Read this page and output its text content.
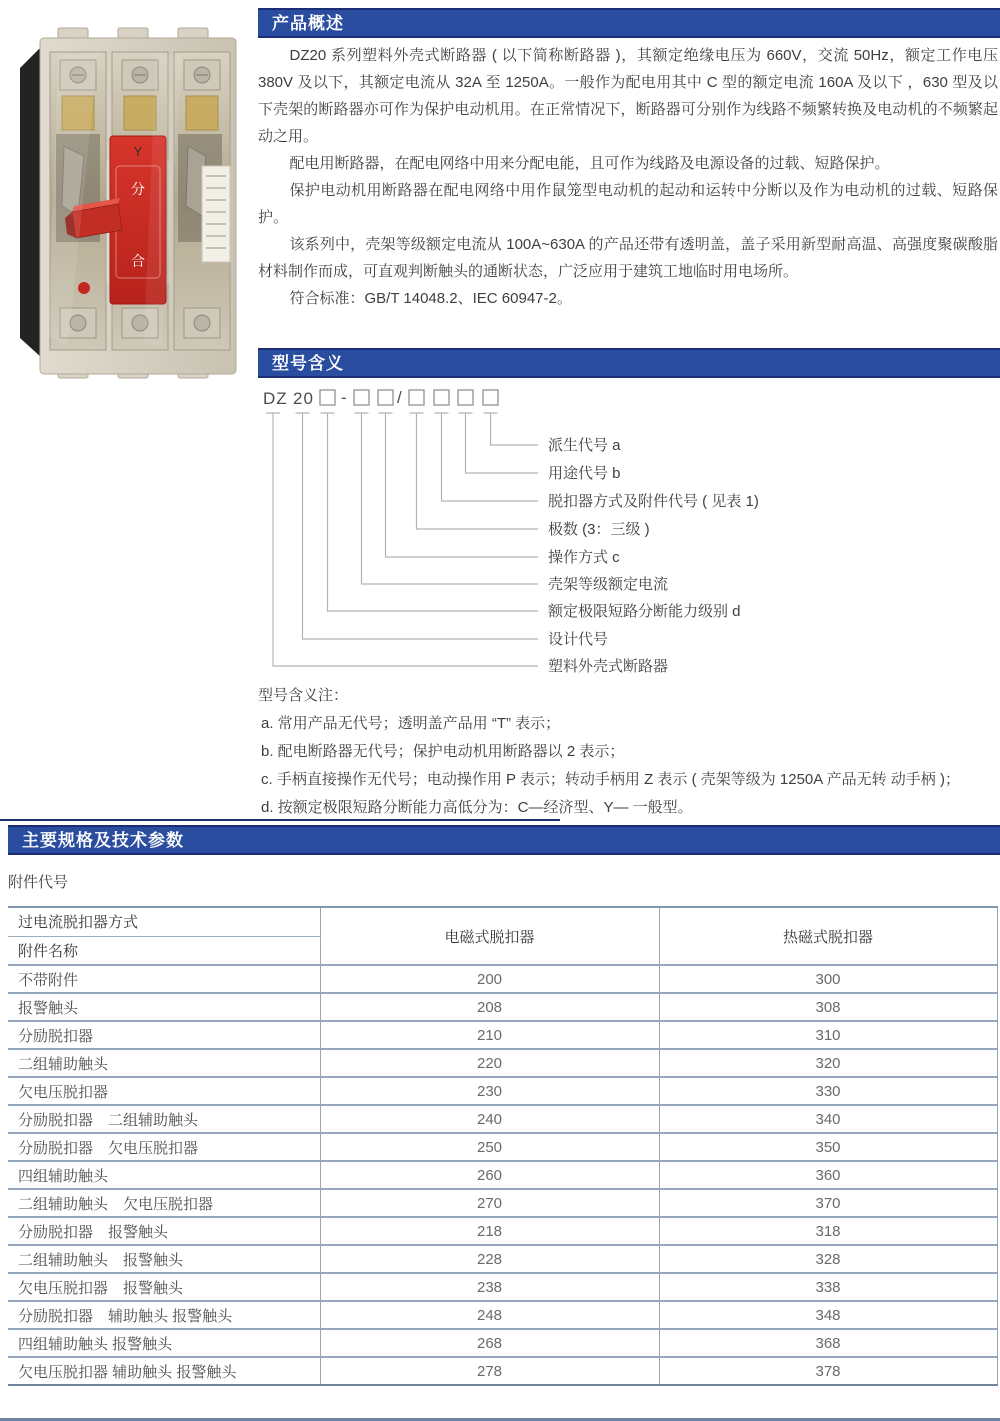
Y
分
合
产品概述

DZ20 系列塑料外壳式断路器 ( 以下简称断路器 )，其额定绝缘电压为 660V，交流 50Hz，额定工作电压 380V 及以下，其额定电流从 32A 至 1250A。一般作为配电用其中 C 型的额定电流 160A 及以下 ，630 型及以下壳架的断路器亦可作为保护电动机用。在正常情况下，断路器可分别作为线路不频繁转换及电动机的不频繁起动之用。

配电用断路器，在配电网络中用来分配电能，且可作为线路及电源设备的过载、短路保护。

保护电动机用断路器在配电网络中用作鼠笼型电动机的起动和运转中分断以及作为电动机的过载、短路保护。

该系列中，壳架等级额定电流从 100A~630A 的产品还带有透明盖，盖子采用新型耐高温、高强度聚碳酸脂材料制作而成，可直观判断触头的通断状态，广泛应用于建筑工地临时用电场所。

符合标准：GB/T 14048.2、IEC 60947-2。

型号含义
DZ 20 -	/
派生代号 a
用途代号 b
脱扣器方式及附件代号 ( 见表 1)
极数 (3：三级 )
操作方式 c
壳架等级额定电流
额定极限短路分断能力级别 d
设计代号
塑料外壳式断路器

型号含义注：

a. 常用产品无代号；透明盖产品用 “T” 表示；

b. 配电断路器无代号；保护电动机用断路器以 2 表示；

c. 手柄直接操作无代号；电动操作用 P 表示；转动手柄用 Z 表示 ( 壳架等级为 1250A 产品无转 动手柄 )；

d. 按额定极限短路分断能力高低分为：C—经济型、Y— 一般型。

主要规格及技术参数
附件代号
过电流脱扣器方式	电磁式脱扣器	热磁式脱扣器
附件名称		
不带附件	200	300
报警触头	208	308
分励脱扣器	210	310
二组辅助触头	220	320
欠电压脱扣器	230	330
分励脱扣器　二组辅助触头	240	340
分励脱扣器　欠电压脱扣器	250	350
四组辅助触头	260	360
二组辅助触头　欠电压脱扣器	270	370
分励脱扣器　报警触头	218	318
二组辅助触头　报警触头	228	328
欠电压脱扣器　报警触头	238	338
分励脱扣器　辅助触头 报警触头	248	348
四组辅助触头 报警触头	268	368
欠电压脱扣器 辅助触头 报警触头	278	378
